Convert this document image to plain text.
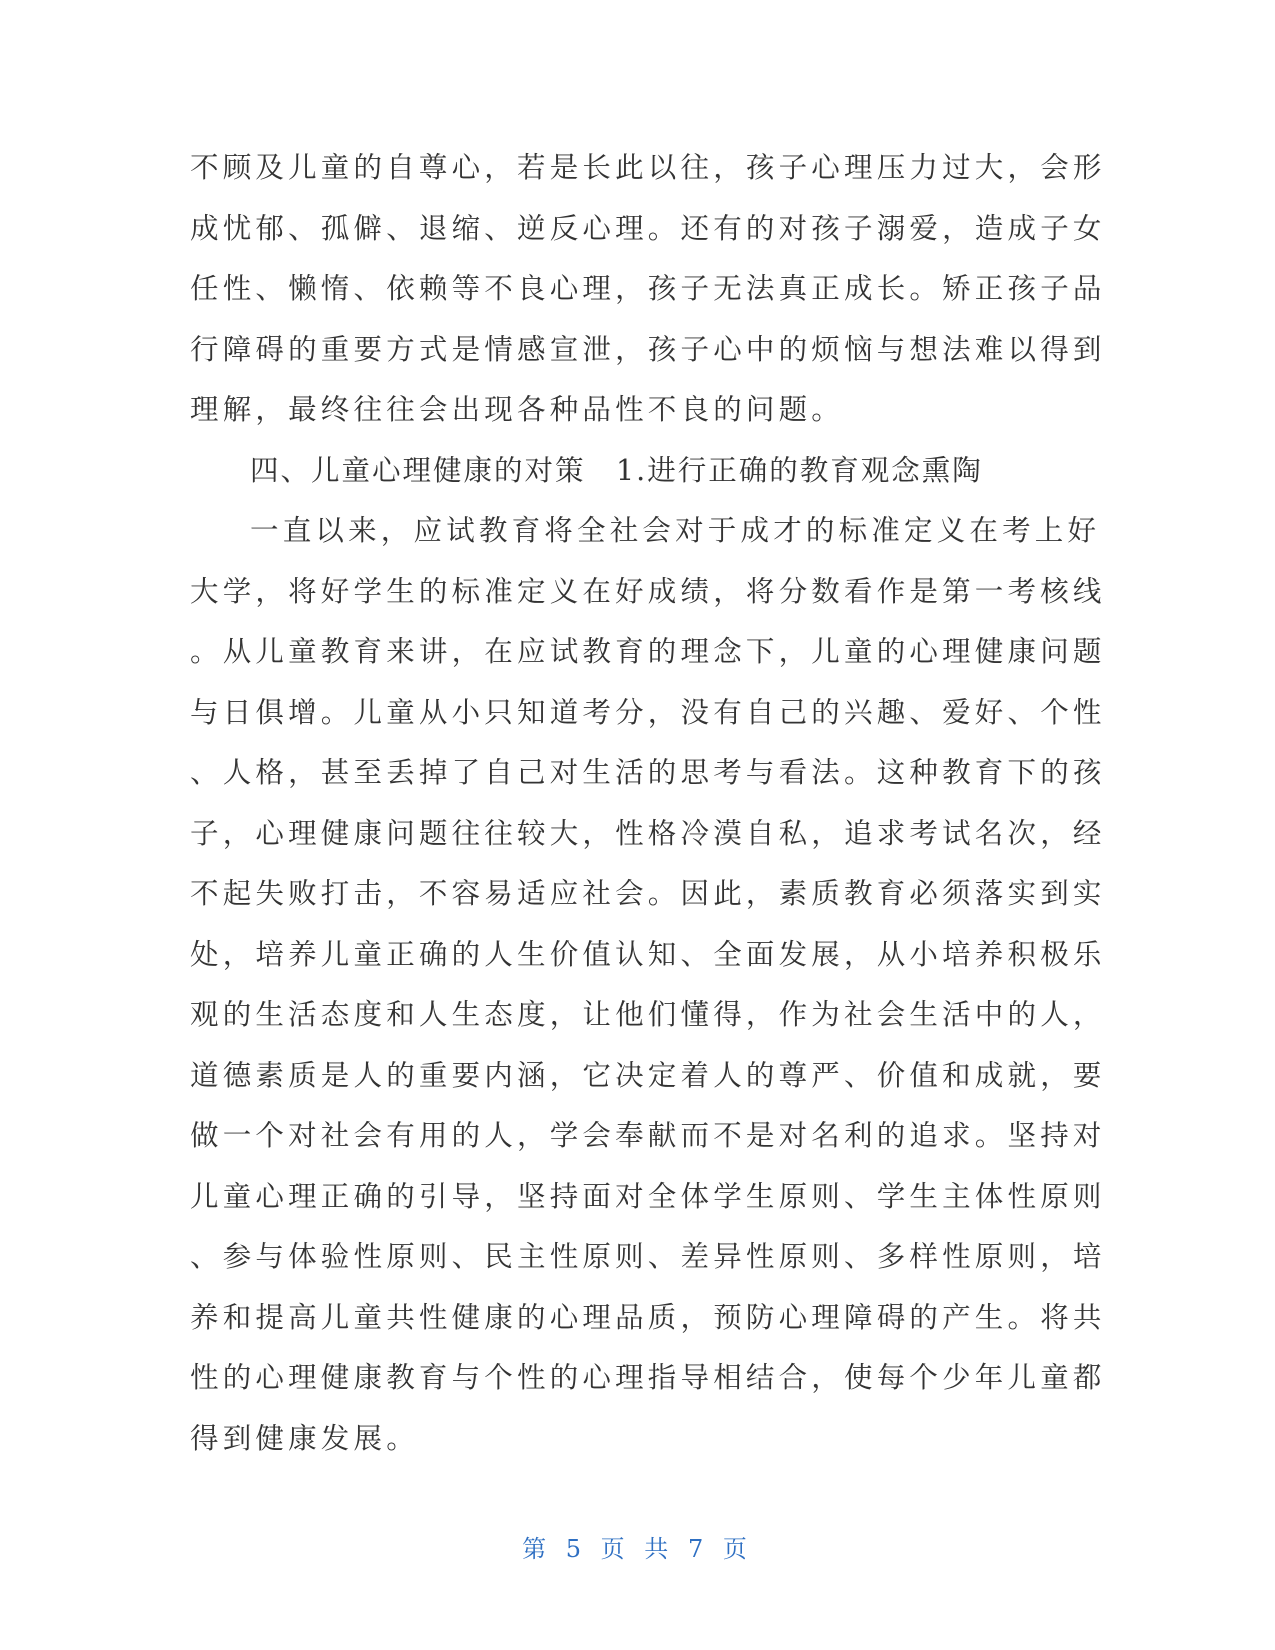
不顾及儿童的自尊心，若是长此以往，孩子心理压力过大，会形
成忧郁、孤僻、退缩、逆反心理。还有的对孩子溺爱，造成子女
任性、懒惰、依赖等不良心理，孩子无法真正成长。矫正孩子品
行障碍的重要方式是情感宣泄，孩子心中的烦恼与想法难以得到
理解，最终往往会出现各种品性不良的问题。
四、儿童心理健康的对策　1.进行正确的教育观念熏陶
一直以来，应试教育将全社会对于成才的标准定义在考上好
大学，将好学生的标准定义在好成绩，将分数看作是第一考核线
。从儿童教育来讲，在应试教育的理念下，儿童的心理健康问题
与日俱增。儿童从小只知道考分，没有自己的兴趣、爱好、个性
、人格，甚至丢掉了自己对生活的思考与看法。这种教育下的孩
子，心理健康问题往往较大，性格冷漠自私，追求考试名次，经
不起失败打击，不容易适应社会。因此，素质教育必须落实到实
处，培养儿童正确的人生价值认知、全面发展，从小培养积极乐
观的生活态度和人生态度，让他们懂得，作为社会生活中的人，
道德素质是人的重要内涵，它决定着人的尊严、价值和成就，要
做一个对社会有用的人，学会奉献而不是对名利的追求。坚持对
儿童心理正确的引导，坚持面对全体学生原则、学生主体性原则
、参与体验性原则、民主性原则、差异性原则、多样性原则，培
养和提高儿童共性健康的心理品质，预防心理障碍的产生。将共
性的心理健康教育与个性的心理指导相结合，使每个少年儿童都
得到健康发展。
第 5 页 共 7 页
